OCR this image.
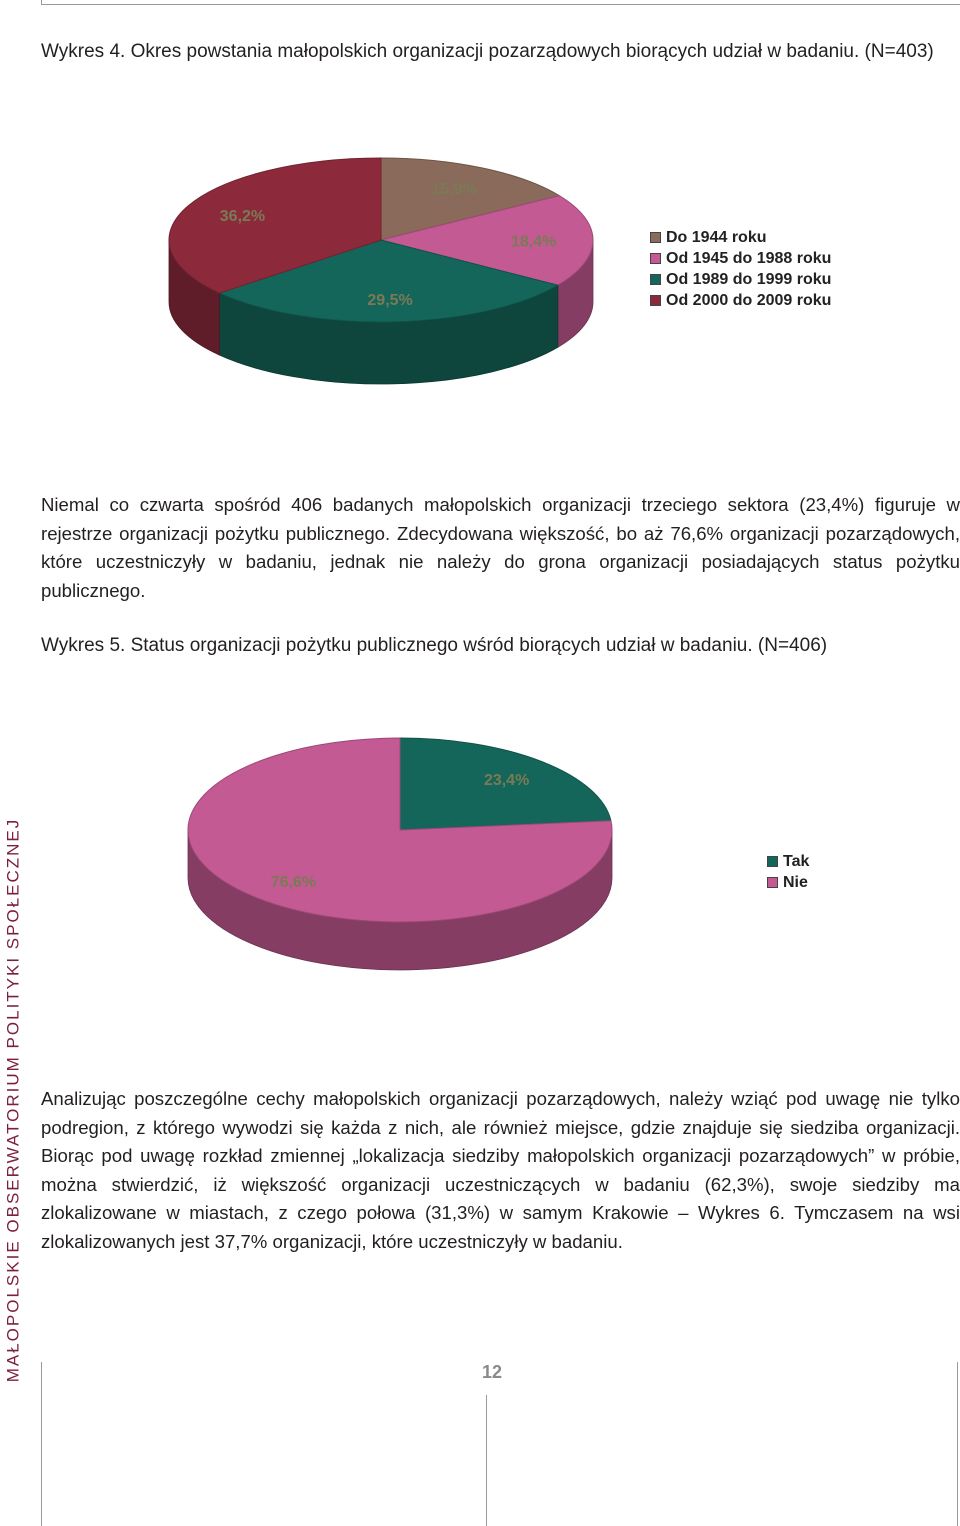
Wykres 4. Okres powstania małopolskich organizacji pozarządowych biorących udział w badaniu. (N=403)
15,9%
18,4%
29,5%
36,2%
Do 1944 roku
Od 1945 do 1988 roku
Od 1989 do 1999 roku
Od 2000 do 2009 roku

Niemal co czwarta spośród 406 badanych małopolskich organizacji trzeciego sektora (23,4%) figuruje w rejestrze organizacji pożytku publicznego. Zdecydowana większość, bo aż 76,6% organizacji pozarządowych, które uczestniczyły w badaniu, jednak nie należy do grona organizacji posiadających status pożytku publicznego.

Wykres 5. Status organizacji pożytku publicznego wśród biorących udział w badaniu. (N=406)
23,4%
76,6%
Tak
Nie

Analizując poszczególne cechy małopolskich organizacji pozarządowych, należy wziąć pod uwagę nie tylko podregion, z którego wywodzi się każda z nich, ale również miejsce, gdzie znajduje się siedziba organizacji. Biorąc pod uwagę rozkład zmiennej „lokalizacja siedziby małopolskich organizacji pozarządowych” w próbie, można stwierdzić, iż większość organizacji uczestniczących w badaniu (62,3%), swoje siedziby ma zlokalizowane w miastach, z czego połowa (31,3%) w samym Krakowie – Wykres 6. Tymczasem na wsi zlokalizowanych jest 37,7% organizacji, które uczestniczyły w badaniu.

MAŁOPOLSKIE OBSERWATORIUM POLITYKI SPOŁECZNEJ	12
